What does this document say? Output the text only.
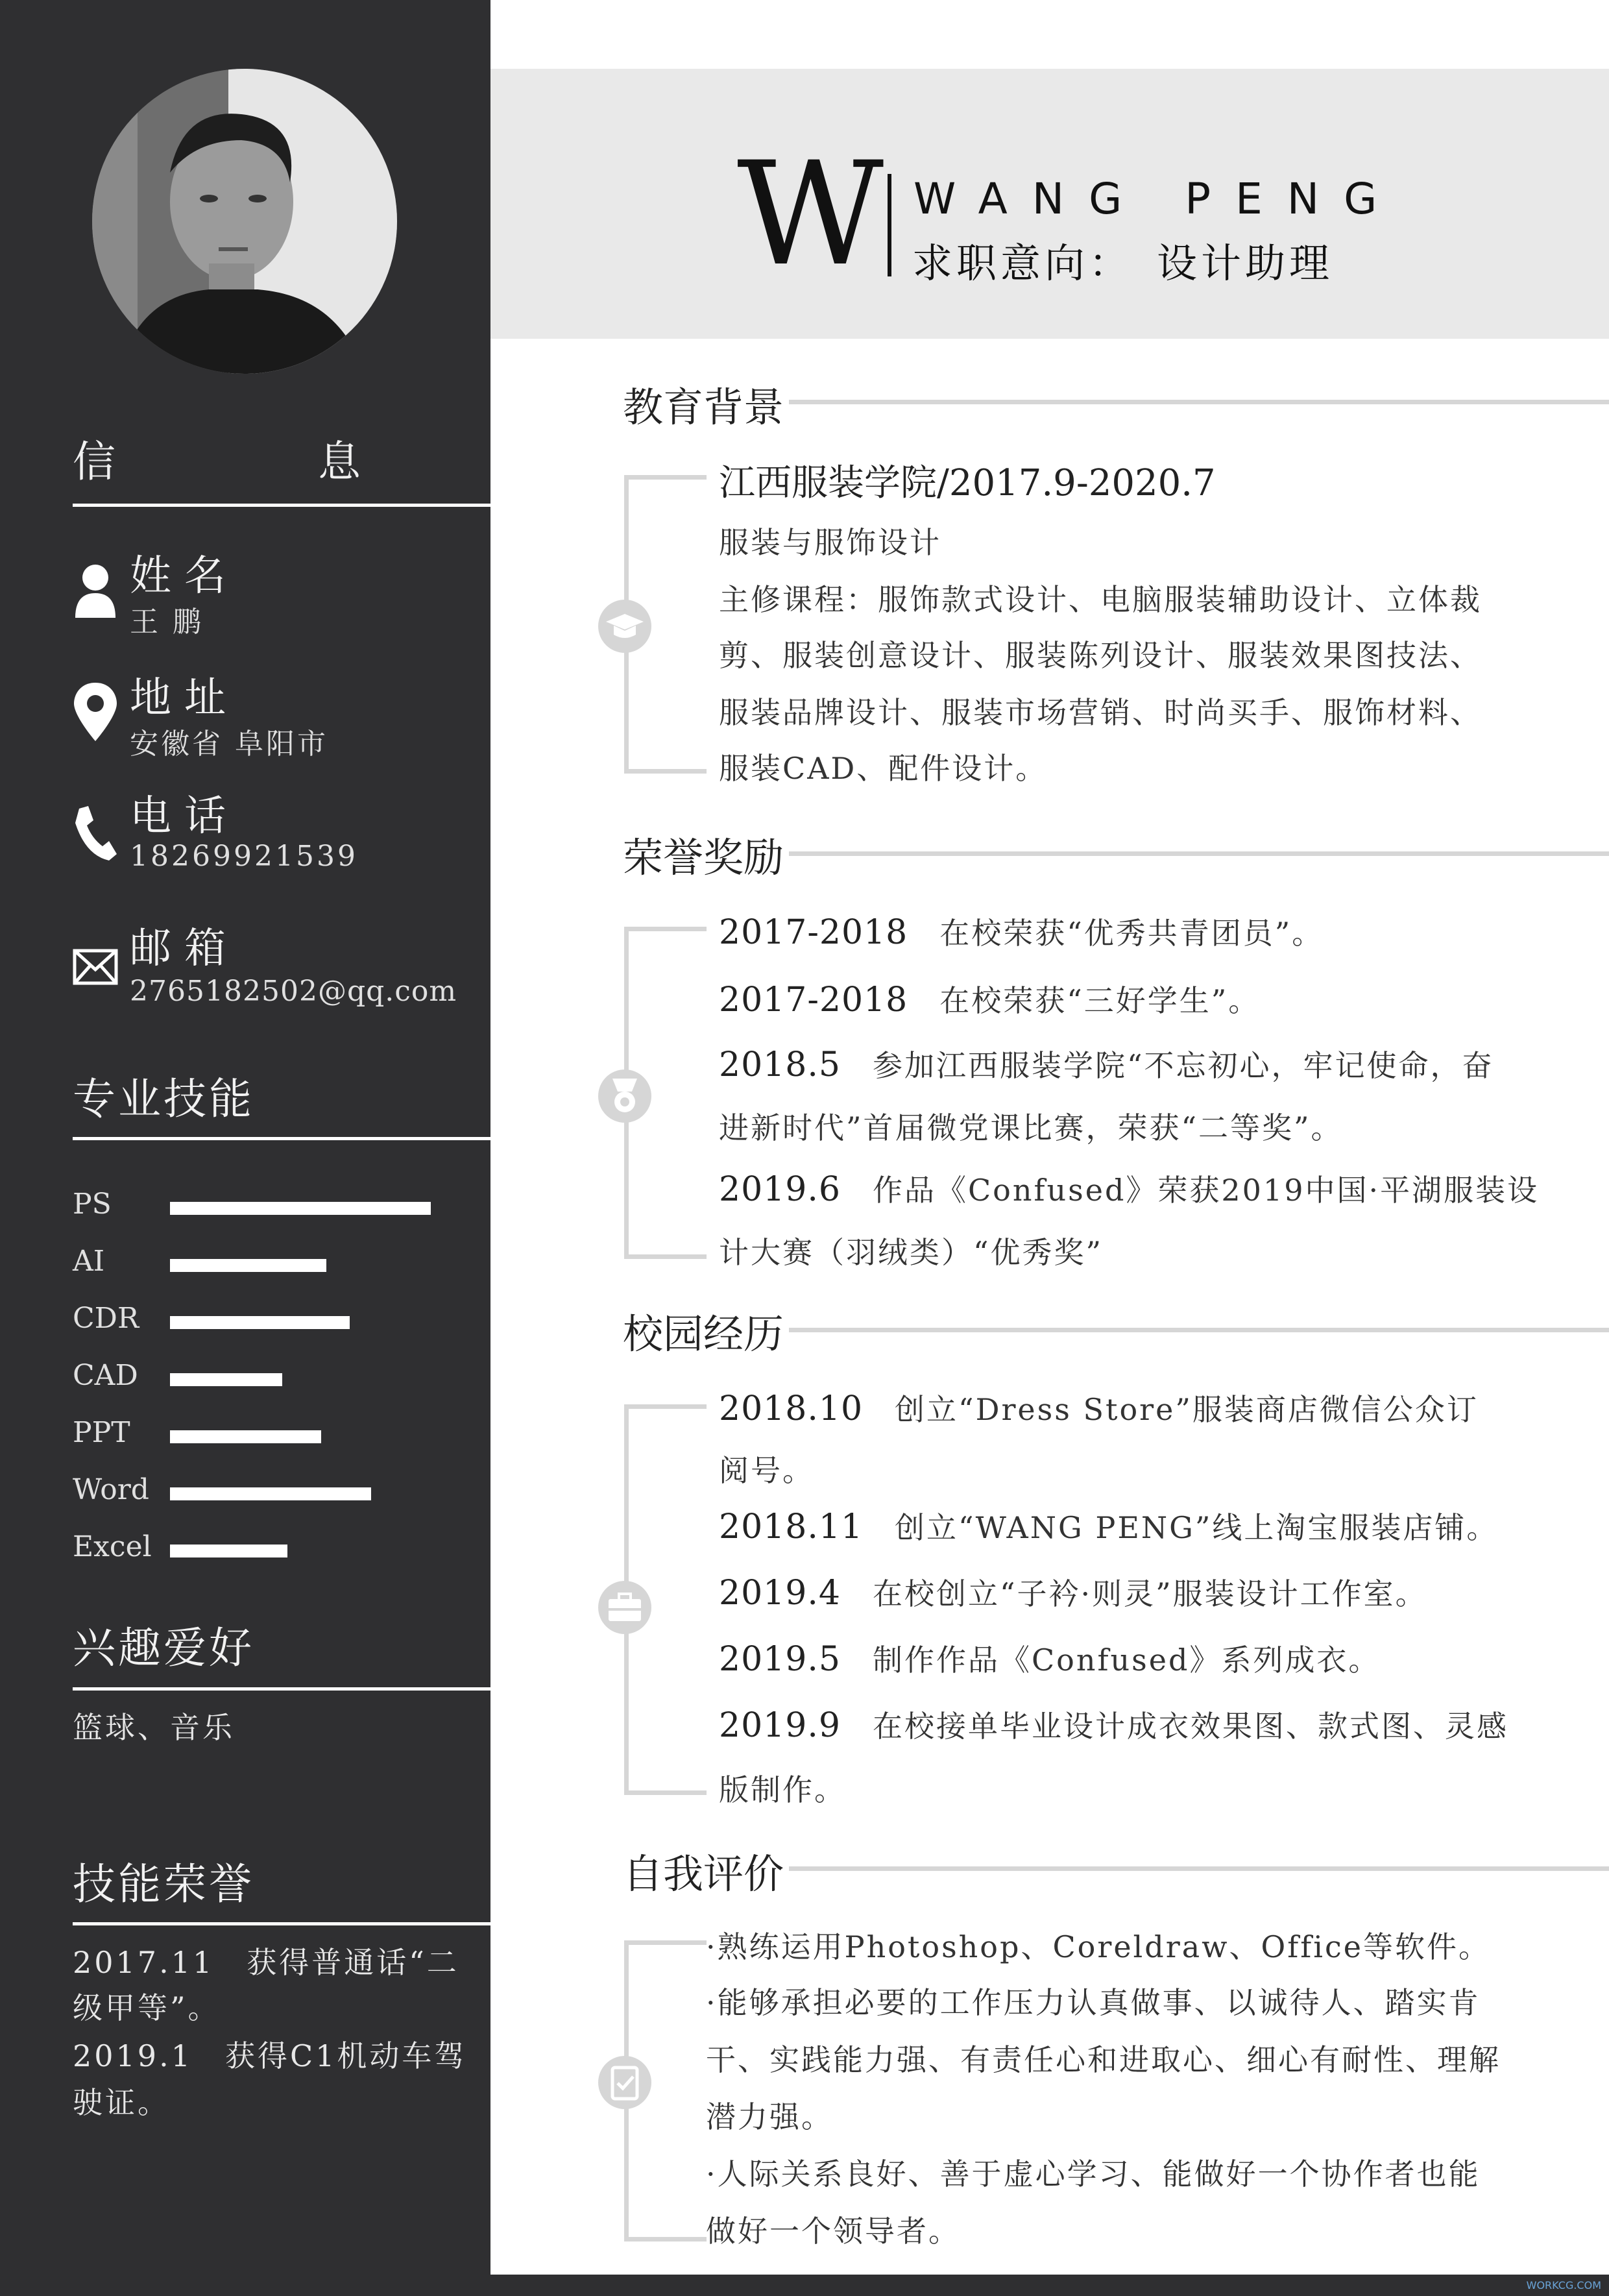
信　　息
姓名
王 鹏
地址
安徽省 阜阳市
电话
18269921539
邮箱
2765182502@qq.com
专业技能
PS
AI
CDR
CAD
PPT
Word
Excel
兴趣爱好
篮球、音乐
技能荣誉
2017.11　获得普通话“二
级甲等”。
2019.1　获得C1机动车驾
驶证。
W WANG PENG
求职意向：　设计助理
教育背景
江西服装学院/2017.9-2020.7
服装与服饰设计
主修课程：服饰款式设计、电脑服装辅助设计、立体裁
剪、服装创意设计、服装陈列设计、服装效果图技法、
服装品牌设计、服装市场营销、时尚买手、服饰材料、
服装CAD、配件设计。
荣誉奖励
2017-2018　在校荣获“优秀共青团员”。
2017-2018　在校荣获“三好学生”。
2018.5　参加江西服装学院“不忘初心，牢记使命，奋
进新时代”首届微党课比赛，荣获“二等奖”。
2019.6　作品《Confused》荣获2019中国·平湖服装设
计大赛（羽绒类）“优秀奖”
校园经历
2018.10　创立“Dress Store”服装商店微信公众订
阅号。
2018.11　创立“WANG PENG”线上淘宝服装店铺。
2019.4　在校创立“子衿·则灵”服装设计工作室。
2019.5　制作作品《Confused》系列成衣。
2019.9　在校接单毕业设计成衣效果图、款式图、灵感
版制作。
自我评价
·熟练运用Photoshop、Coreldraw、Office等软件。
·能够承担必要的工作压力认真做事、以诚待人、踏实肯
干、实践能力强、有责任心和进取心、细心有耐性、理解
潜力强。
·人际关系良好、善于虚心学习、能做好一个协作者也能
做好一个领导者。
WORKCG.COM
